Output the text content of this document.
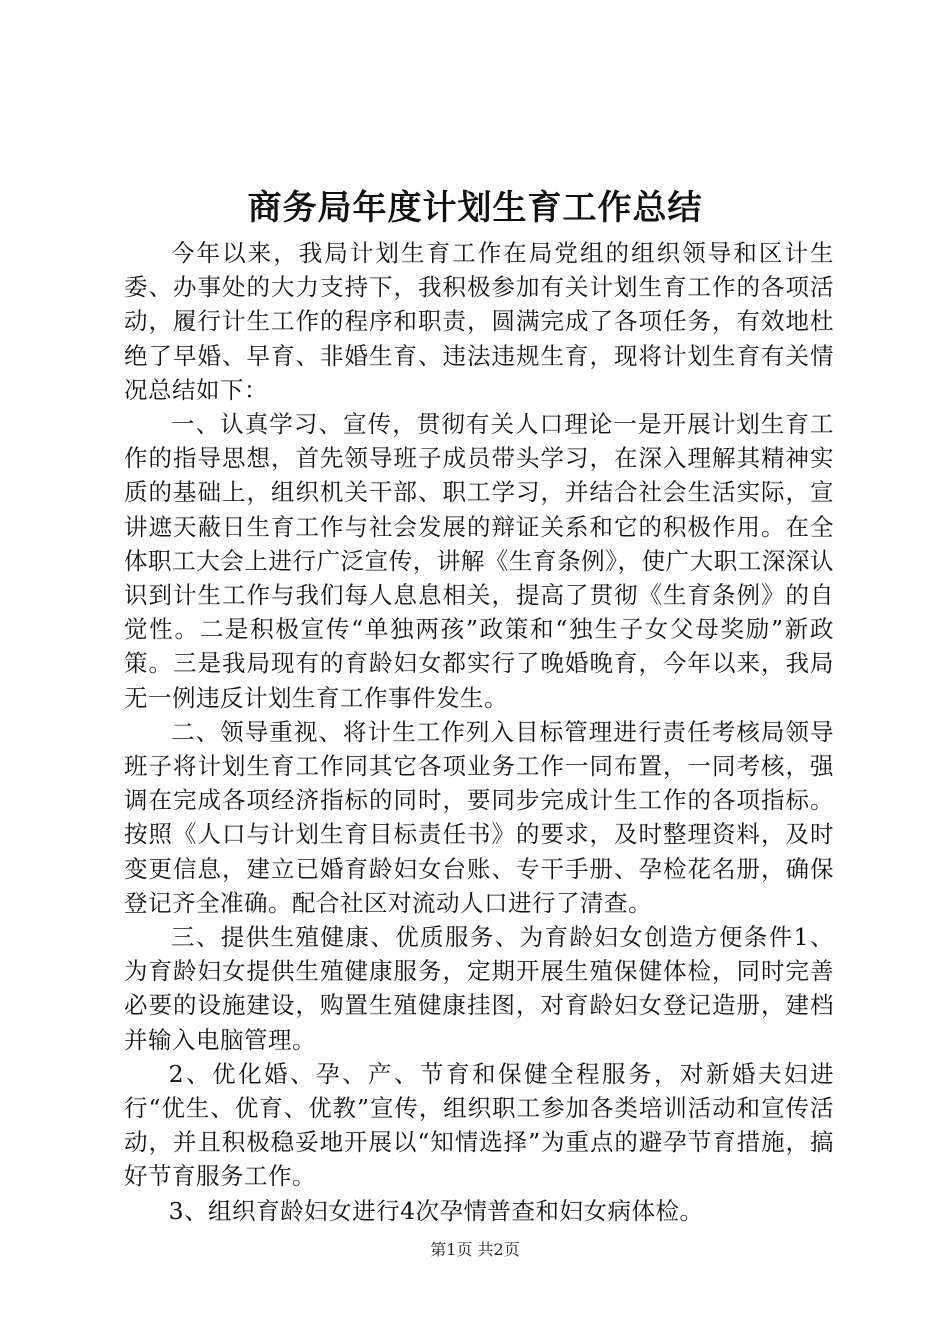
商务局年度计划生育工作总结

今年以来，我局计划生育工作在局党组的组织领导和区计生委、办事处的大力支持下，我积极参加有关计划生育工作的各项活动，履行计生工作的程序和职责，圆满完成了各项任务，有效地杜绝了早婚、早育、非婚生育、违法违规生育，现将计划生育有关情况总结如下：

一、认真学习、宣传，贯彻有关人口理论一是开展计划生育工作的指导思想，首先领导班子成员带头学习，在深入理解其精神实质的基础上，组织机关干部、职工学习，并结合社会生活实际，宣讲遮天蔽日生育工作与社会发展的辩证关系和它的积极作用。在全体职工大会上进行广泛宣传，讲解《生育条例》，使广大职工深深认识到计生工作与我们每人息息相关，提高了贯彻《生育条例》的自觉性。二是积极宣传“单独两孩”政策和“独生子女父母奖励”新政策。三是我局现有的育龄妇女都实行了晚婚晚育，今年以来，我局无一例违反计划生育工作事件发生。

二、领导重视、将计生工作列入目标管理进行责任考核局领导班子将计划生育工作同其它各项业务工作一同布置，一同考核，强调在完成各项经济指标的同时，要同步完成计生工作的各项指标。按照《人口与计划生育目标责任书》的要求，及时整理资料，及时变更信息，建立已婚育龄妇女台账、专干手册、孕检花名册，确保登记齐全准确。配合社区对流动人口进行了清查。

三、提供生殖健康、优质服务、为育龄妇女创造方便条件1、为育龄妇女提供生殖健康服务，定期开展生殖保健体检，同时完善必要的设施建设，购置生殖健康挂图，对育龄妇女登记造册，建档并输入电脑管理。

2、优化婚、孕、产、节育和保健全程服务，对新婚夫妇进行“优生、优育、优教”宣传，组织职工参加各类培训活动和宣传活动，并且积极稳妥地开展以“知情选择”为重点的避孕节育措施，搞好节育服务工作。

3、组织育龄妇女进行4次孕情普查和妇女病体检。

第1页 共2页
